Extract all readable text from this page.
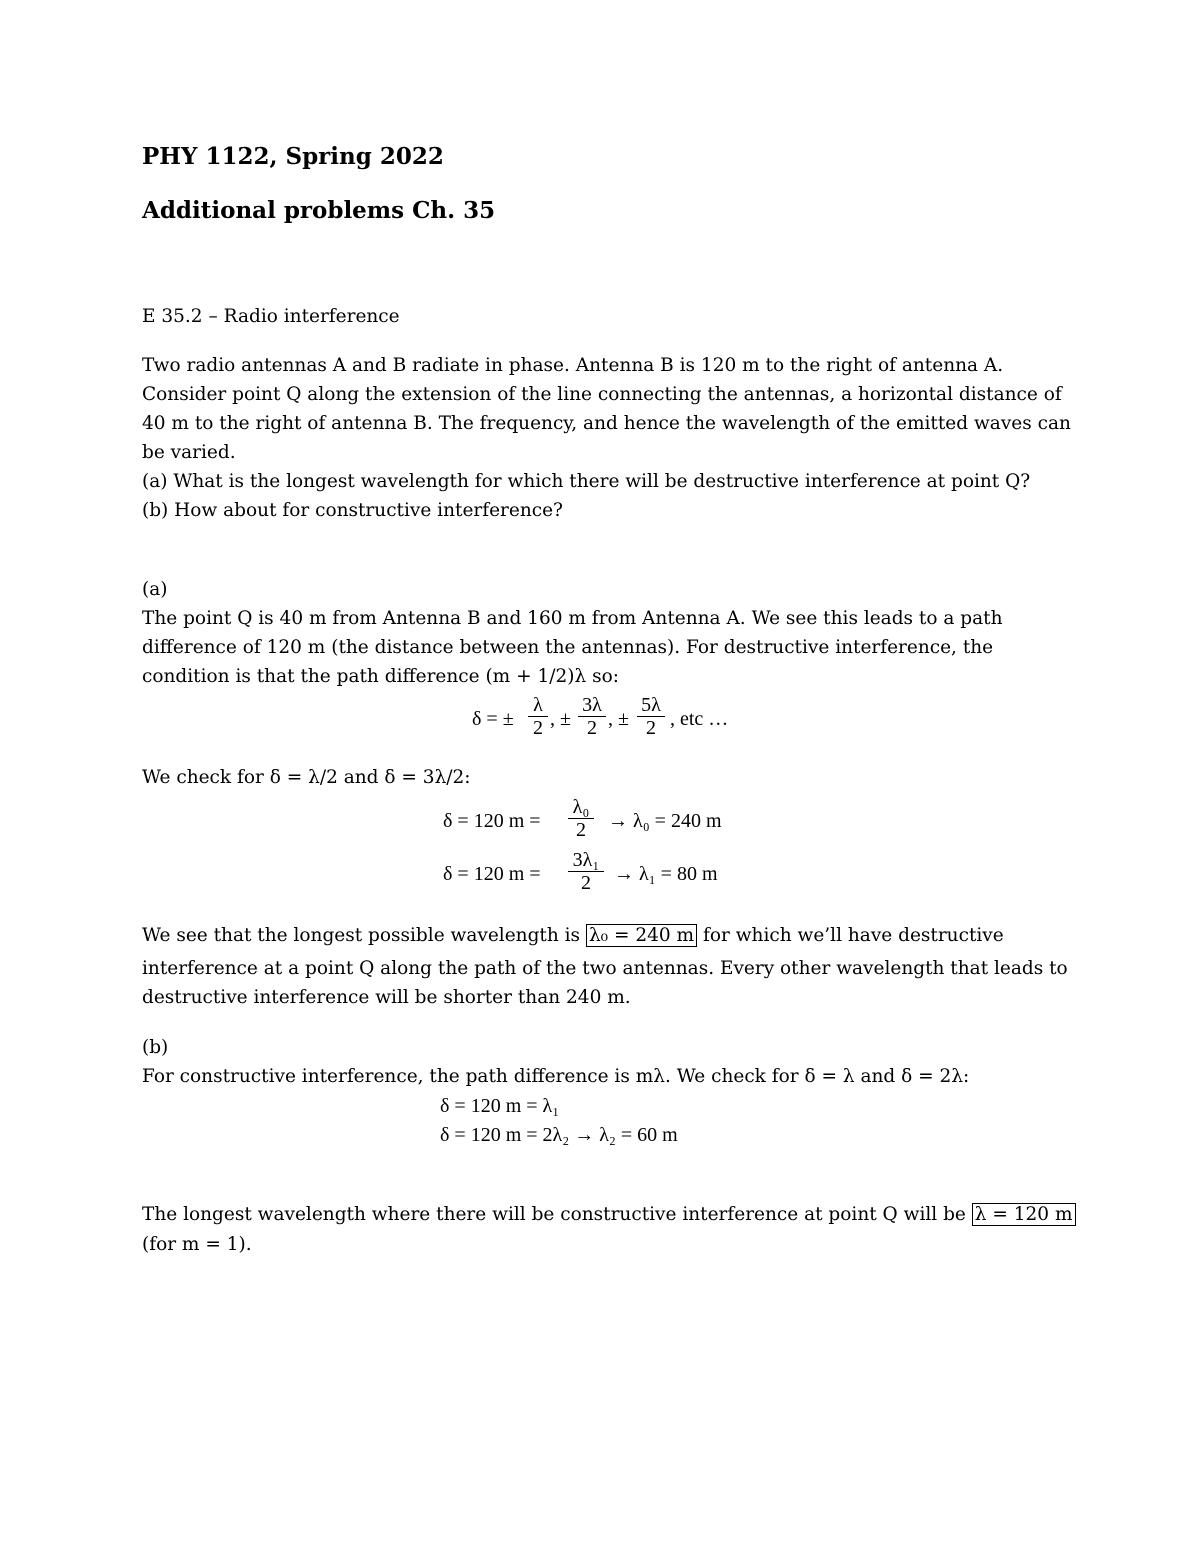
PHY 1122, Spring 2022
Additional problems Ch. 35
E 35.2 – Radio interference
Two radio antennas A and B radiate in phase. Antenna B is 120 m to the right of antenna A.
Consider point Q along the extension of the line connecting the antennas, a horizontal distance of
40 m to the right of antenna B. The frequency, and hence the wavelength of the emitted waves can
be varied.
(a) What is the longest wavelength for which there will be destructive interference at point Q?
(b) How about for constructive interference?
(a)
The point Q is 40 m from Antenna B and 160 m from Antenna A. We see this leads to a path
difference of 120 m (the distance between the antennas). For destructive interference, the
condition is that the path difference (m + 1/2)λ so:
δ = ±
λ
2 , ±
3λ
2 , ±
5λ
2 , etc …
We check for δ = λ/2 and δ = 3λ/2:
δ = 120 m =
λ₀
2	→ λ₀ = 240 m
δ = 120 m =
3λ₁
2	→ λ₁ = 80 m
We see that the longest possible wavelength is λ₀ = 240 m for which we’ll have destructive
interference at a point Q along the path of the two antennas. Every other wavelength that leads to
destructive interference will be shorter than 240 m.
(b)
For constructive interference, the path difference is mλ. We check for δ = λ and δ = 2λ:
δ = 120 m = λ₁
δ = 120 m = 2λ₂ → λ₂ = 60 m
The longest wavelength where there will be constructive interference at point Q will be λ = 120 m
(for m = 1).
